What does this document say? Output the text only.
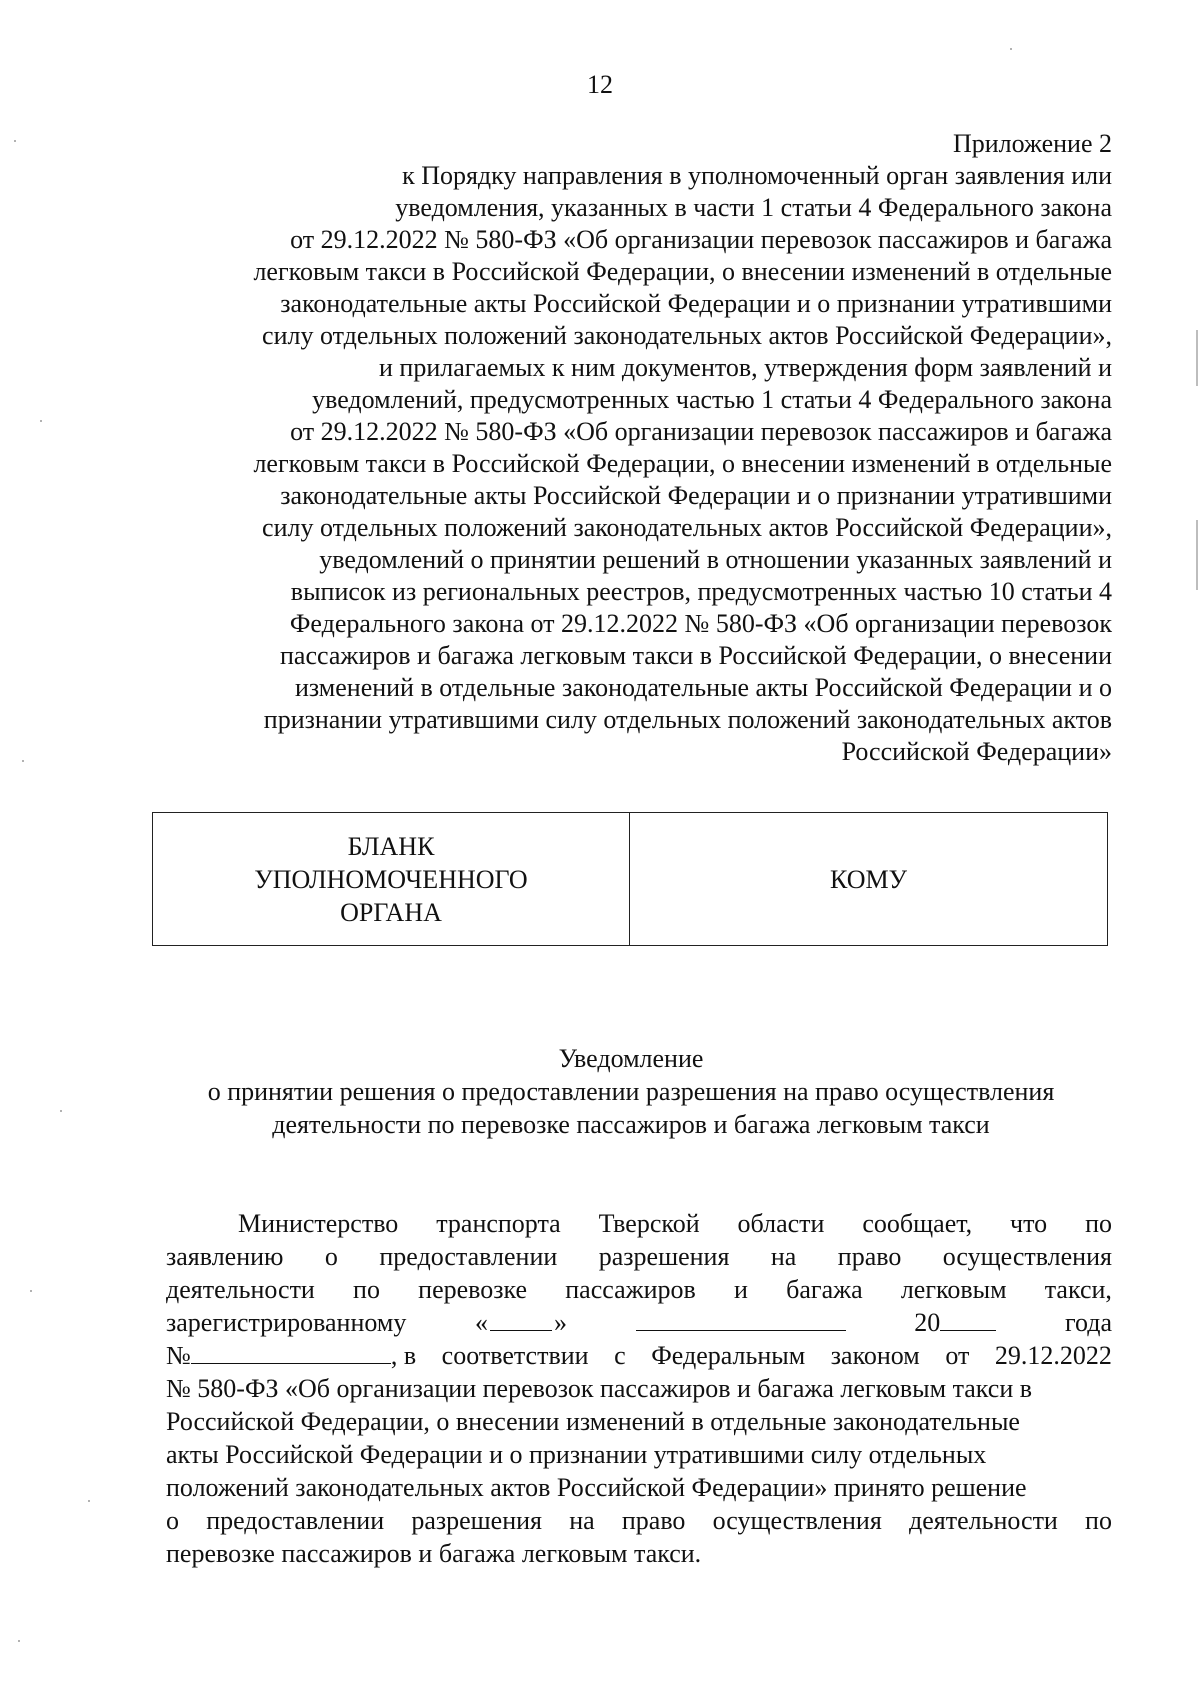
12
Приложение 2
к Порядку направления в уполномоченный орган заявления или
уведомления, указанных в части 1 статьи 4 Федерального закона
от 29.12.2022 № 580-ФЗ «Об организации перевозок пассажиров и багажа
легковым такси в Российской Федерации, о внесении изменений в отдельные
законодательные акты Российской Федерации и о признании утратившими
силу отдельных положений законодательных актов Российской Федерации»,
и прилагаемых к ним документов, утверждения форм заявлений и
уведомлений, предусмотренных частью 1 статьи 4 Федерального закона
от 29.12.2022 № 580-ФЗ «Об организации перевозок пассажиров и багажа
легковым такси в Российской Федерации, о внесении изменений в отдельные
законодательные акты Российской Федерации и о признании утратившими
силу отдельных положений законодательных актов Российской Федерации»,
уведомлений о принятии решений в отношении указанных заявлений и
выписок из региональных реестров, предусмотренных частью 10 статьи 4
Федерального закона от 29.12.2022 № 580-ФЗ «Об организации перевозок
пассажиров и багажа легковым такси в Российской Федерации, о внесении
изменений в отдельные законодательные акты Российской Федерации и о
признании утратившими силу отдельных положений законодательных актов
Российской Федерации»
БЛАНК
УПОЛНОМОЧЕННОГО
ОРГАНА
	КОМУ
Уведомление
о принятии решения о предоставлении разрешения на право осуществления
деятельности по перевозке пассажиров и багажа легковым такси
Министерство транспорта Тверской области сообщает, что по
заявлению о предоставлении разрешения на право осуществления
деятельности по перевозке пассажиров и багажа легковым такси,
зарегистрированному	«	»	20	года
№	, в соответствии с Федеральным законом от 29.12.2022
№ 580-ФЗ «Об организации перевозок пассажиров и багажа легковым такси в
Российской Федерации, о внесении изменений в отдельные законодательные
акты Российской Федерации и о признании утратившими силу отдельных
положений законодательных актов Российской Федерации» принято решение
о предоставлении разрешения на право осуществления деятельности по
перевозке пассажиров и багажа легковым такси.
